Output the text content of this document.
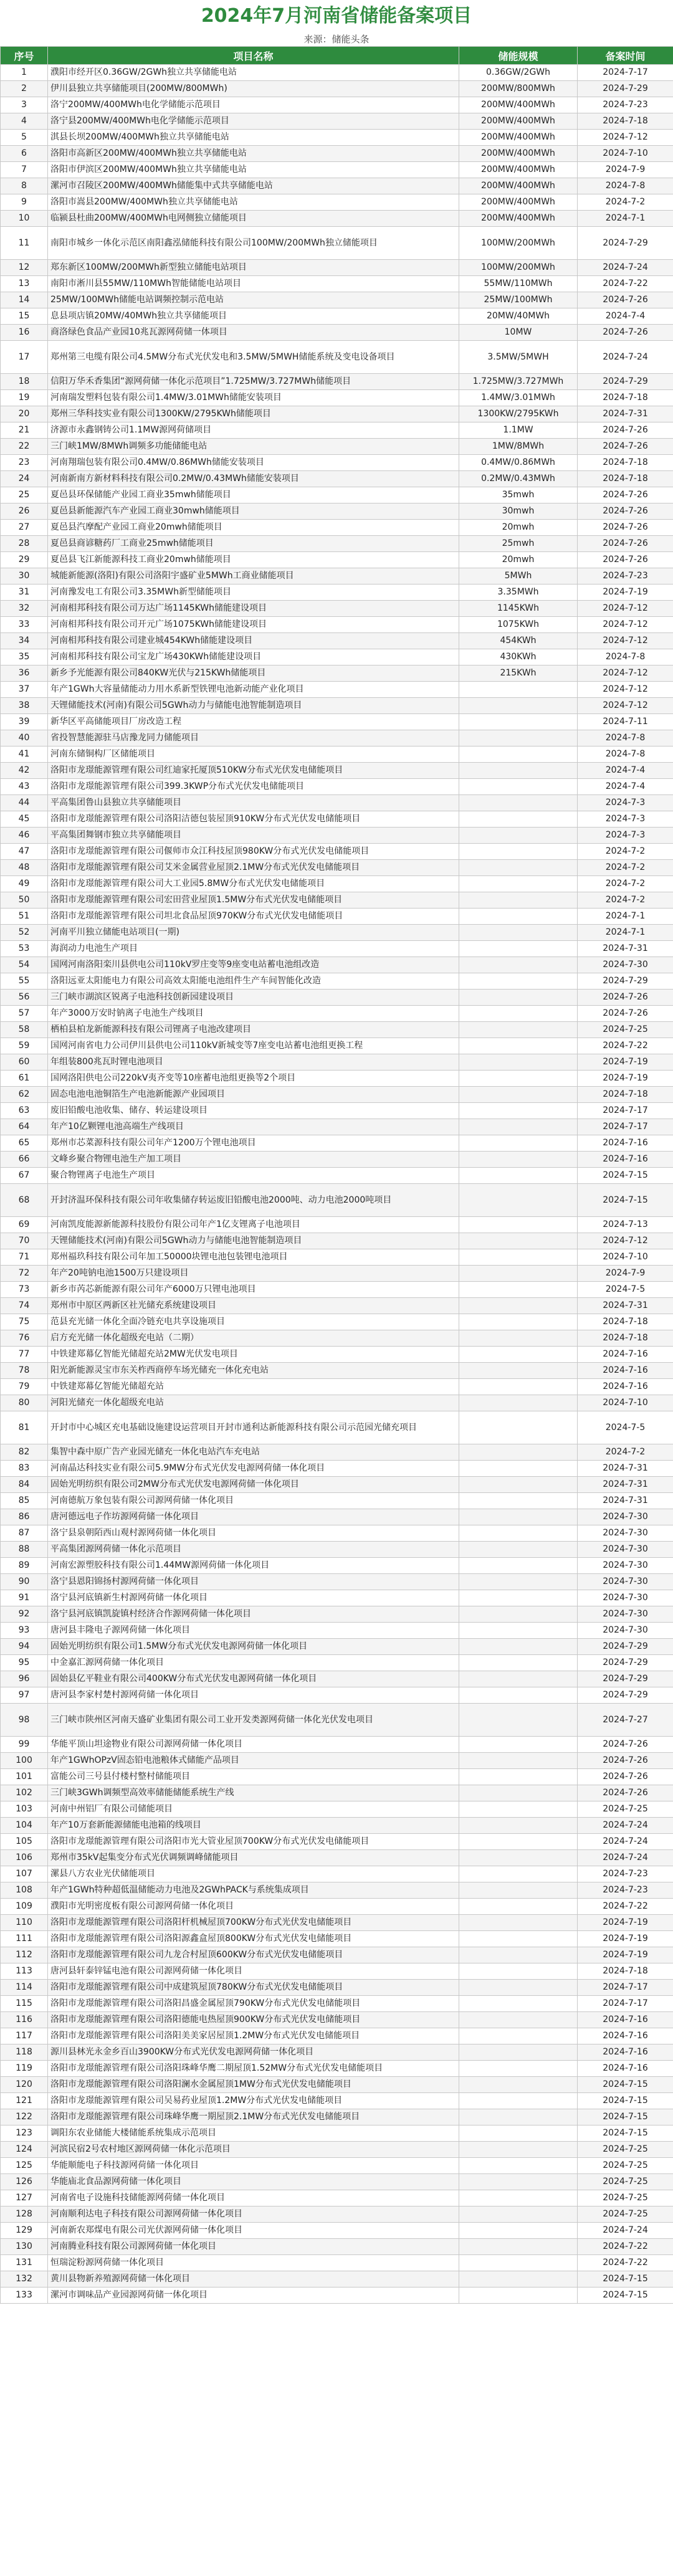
2024年7月河南省储能备案项目
来源：储能头条
序号	项目名称	储能规模	备案时间
1	濮阳市经开区0.36GW/2GWh独立共享储能电站	0.36GW/2GWh	2024-7-17
2	伊川县独立共享储能项目(200MW/800MWh)	200MW/800MWh	2024-7-29
3	洛宁200MW/400MWh电化学储能示范项目	200MW/400MWh	2024-7-23
4	洛宁县200MW/400MWh电化学储能示范项目	200MW/400MWh	2024-7-18
5	淇县长坝200MW/400MWh独立共享储能电站	200MW/400MWh	2024-7-12
6	洛阳市高新区200MW/400MWh独立共享储能电站	200MW/400MWh	2024-7-10
7	洛阳市伊滨区200MW/400MWh独立共享储能电站	200MW/400MWh	2024-7-9
8	漯河市召陵区200MW/400MWh储能集中式共享储能电站	200MW/400MWh	2024-7-8
9	洛阳市嵩县200MW/400MWh独立共享储能电站	200MW/400MWh	2024-7-2
10	临颍县杜曲200MW/400MWh电网侧独立储能项目	200MW/400MWh	2024-7-1
11	南阳市城乡一体化示范区南阳鑫泓储能科技有限公司100MW/200MWh独立储能项目	100MW/200MWh	2024-7-29
12	郑东新区100MW/200MWh新型独立储能电站项目	100MW/200MWh	2024-7-24
13	南阳市淅川县55MW/110MWh智能储能电站项目	55MW/110MWh	2024-7-22
14	25MW/100MWh储能电站调频控制示范电站	25MW/100MWh	2024-7-26
15	息县项店镇20MW/40MWh独立共享储能项目	20MW/40MWh	2024-7-4
16	商洛绿色食品产业园10兆瓦源网荷储一体项目	10MW	2024-7-26
17	郑州第三电缆有限公司4.5MW分布式光伏发电和3.5MW/5MWH储能系统及变电设备项目	3.5MW/5MWH	2024-7-24
18	信阳万华禾香集团“源网荷储一体化示范项目”1.725MW/3.727MWh储能项目	1.725MW/3.727MWh	2024-7-29
19	河南瑞发塑料包装有限公司1.4MW/3.01MWh储能安装项目	1.4MW/3.01MWh	2024-7-18
20	郑州三华科技实业有限公司1300KW/2795KWh储能项目	1300KW/2795KWh	2024-7-31
21	济源市永鑫钢铸公司1.1MW源网荷储项目	1.1MW	2024-7-26
22	三门峡1MW/8MWh调频多功能储能电站	1MW/8MWh	2024-7-26
23	河南翔瑞包装有限公司0.4MW/0.86MWh储能安装项目	0.4MW/0.86MWh	2024-7-18
24	河南新南方新材料科技有限公司0.2MW/0.43MWh储能安装项目	0.2MW/0.43MWh	2024-7-18
25	夏邑县环保储能产业园工商业35mwh储能项目	35mwh	2024-7-26
26	夏邑县新能源汽车产业园工商业30mwh储能项目	30mwh	2024-7-26
27	夏邑县汽摩配产业园工商业20mwh储能项目	20mwh	2024-7-26
28	夏邑县商谚糖药厂工商业25mwh储能项目	25mwh	2024-7-26
29	夏邑县飞江新能源科技工商业20mwh储能项目	20mwh	2024-7-26
30	城能新能源(洛阳)有限公司洛阳宇盛矿业5MWh工商业储能项目	5MWh	2024-7-23
31	河南豫发电工有限公司3.35MWh新型储能项目	3.35MWh	2024-7-19
32	河南相邦科技有限公司万达广场1145KWh储能建设项目	1145KWh	2024-7-12
33	河南相邦科技有限公司开元广场1075KWh储能建设项目	1075KWh	2024-7-12
34	河南相邦科技有限公司建业城454KWh储能建设项目	454KWh	2024-7-12
35	河南相邦科技有限公司宝龙广场430KWh储能建设项目	430KWh	2024-7-8
36	新乡予光能源有限公司840KW光伏与215KWh储能项目	215KWh	2024-7-12
37	年产1GWh大容量储能动力用水系新型铁锂电池新动能产业化项目		2024-7-12
38	天锂储能技术(河南)有限公司5GWh动力与储能电池智能制造项目		2024-7-12
39	新华区平高储能项目厂房改造工程		2024-7-11
40	省投智慧能源驻马店豫龙同力储能项目		2024-7-8
41	河南东储铜构厂区储能项目		2024-7-8
42	洛阳市龙璟能源管理有限公司红迪家托厦顶510KW分布式光伏发电储能项目		2024-7-4
43	洛阳市龙璟能源管理有限公司399.3KWP分布式光伏发电储能项目		2024-7-4
44	平高集团鲁山县独立共享储能项目		2024-7-3
45	洛阳市龙璟能源管理有限公司洛阳洁德包装屋顶910KW分布式光伏发电储能项目		2024-7-3
46	平高集团舞钢市独立共享储能项目		2024-7-3
47	洛阳市龙璟能源管理有限公司偃师市众江科技屋顶980KW分布式光伏发电储能项目		2024-7-2
48	洛阳市龙璟能源管理有限公司艾米金属营业屋顶2.1MW分布式光伏发电储能项目		2024-7-2
49	洛阳市龙璟能源管理有限公司大工业园5.8MW分布式光伏发电储能项目		2024-7-2
50	洛阳市龙璟能源管理有限公司宏田营业屋顶1.5MW分布式光伏发电储能项目		2024-7-2
51	洛阳市龙璟能源管理有限公司坦北食品屋顶970KW分布式光伏发电储能项目		2024-7-1
52	河南平川独立储能电站项目(一期)		2024-7-1
53	海润动力电池生产项目		2024-7-31
54	国网河南洛阳栾川县供电公司110kV罗庄变等9座变电站蓄电池组改造		2024-7-30
55	洛阳远亚太阳能电力有限公司高效太阳能电池组件生产车间智能化改造		2024-7-29
56	三门峡市湖滨区锐离子电池科技创新园建设项目		2024-7-26
57	年产3000万安时钠离子电池生产线项目		2024-7-26
58	栖柏县柏龙新能源科技有限公司锂离子电池改建项目		2024-7-25
59	国网河南省电力公司伊川县供电公司110kV新城变等7座变电站蓄电池组更换工程		2024-7-22
60	年组装800兆瓦时锂电池项目		2024-7-19
61	国网洛阳供电公司220kV夷齐变等10座蓄电池组更换等2个项目		2024-7-19
62	固态电池电池铜箔生产电池新能源产业园项目		2024-7-18
63	废旧铅酸电池收集、储存、转运建设项目		2024-7-17
64	年产10亿颗锂电池高端生产线项目		2024-7-17
65	郑州市芯菜源科技有限公司年产1200万个锂电池项目		2024-7-16
66	文峰乡聚合物锂电池生产加工项目		2024-7-16
67	聚合物锂离子电池生产项目		2024-7-15
68	开封济温环保科技有限公司年收集储存转运废旧铅酸电池2000吨、动力电池2000吨项目		2024-7-15
69	河南凯度能源新能源科技股份有限公司年产1亿支锂离子电池项目		2024-7-13
70	天锂储能技术(河南)有限公司5GWh动力与储能电池智能制造项目		2024-7-12
71	郑州福玖科技有限公司年加工50000块锂电池包装锂电池项目		2024-7-10
72	年产20吨钠电池1500万只建设项目		2024-7-9
73	新乡市芮芯新能源有限公司年产6000万只锂电池项目		2024-7-5
74	郑州市中原区两新区社光储充系统建设项目		2024-7-31
75	范县充光储一体化全面冷链充电共享设施项目		2024-7-18
76	启方充光储一体化超级充电站（二期）		2024-7-18
77	中铁建郑幕亿智能光储超充站2MW光伏发电项目		2024-7-16
78	阳光新能源灵宝市东关柞西商停车场光储充一体化充电站		2024-7-16
79	中铁建郑幕亿智能光储超充站		2024-7-16
80	河阳光储充一体化超级充电站		2024-7-10
81	开封市中心城区充电基础设施建设运营项目开封市通利达新能源科技有限公司示范园光储充项目		2024-7-5
82	集智中森中原广告产业园光储充一体化电站汽车充电站		2024-7-2
83	河南晶达科技实业有限公司5.9MW分布式光伏发电源网荷储一体化项目		2024-7-31
84	固始光明纺织有限公司2MW分布式光伏发电源网荷储一体化项目		2024-7-31
85	河南德航万象包装有限公司源网荷储一体化项目		2024-7-31
86	唐河德远电子作坊源网荷储一体化项目		2024-7-30
87	洛宁县泉朝陌西山观村源网荷储一体化项目		2024-7-30
88	平高集团源网荷储一体化示范项目		2024-7-30
89	河南宏源塑胶科技有限公司1.44MW源网荷储一体化项目		2024-7-30
90	洛宁县恩阳锦扬村源网荷储一体化项目		2024-7-30
91	洛宁县河底镇新生村源网荷储一体化项目		2024-7-30
92	洛宁县河底镇凯旋镇村经济合作源网荷储一体化项目		2024-7-30
93	唐河县丰隆电子源网荷储一体化项目		2024-7-30
94	固始光明纺织有限公司1.5MW分布式光伏发电源网荷储一体化项目		2024-7-29
95	中金嘉汇源网荷储一体化项目		2024-7-29
96	固始县亿平鞋业有限公司400KW分布式光伏发电源网荷储一体化项目		2024-7-29
97	唐河县李家村楚村源网荷储一体化项目		2024-7-29
98	三门峡市陕州区河南天盛矿业集团有限公司工业开发类源网荷储一体化光伏发电项目		2024-7-27
99	华能平顶山坦途物业有限公司源网荷储一体化项目		2024-7-26
100	年产1GWhOPzV固态铅电池粮体式储能产品项目		2024-7-26
101	富能公司三号县付楼村整村储能项目		2024-7-26
102	三门峡3GWh调频型高效率储能储能系统生产线		2024-7-26
103	河南中州铝厂有限公司储能项目		2024-7-25
104	年产10万套新能源储能电池箱的线项目		2024-7-24
105	洛阳市龙璟能源管理有限公司洛阳市光大管业屋顶700KW分布式光伏发电储能项目		2024-7-24
106	郑州市35kV起集变分布式光伏调频调峰储能项目		2024-7-24
107	漯县八方农业光伏储能项目		2024-7-23
108	年产1GWh特种超低温储能动力电池及2GWhPACK与系统集成项目		2024-7-23
109	濮阳市光明密度板有限公司源网荷储一体化项目		2024-7-22
110	洛阳市龙璟能源管理有限公司洛阳杆机械屋顶700KW分布式光伏发电储能项目		2024-7-19
111	洛阳市龙璟能源管理有限公司洛阳源鑫盒屋顶800KW分布式光伏发电储能项目		2024-7-19
112	洛阳市龙璟能源管理有限公司九龙合村屋顶600KW分布式光伏发电储能项目		2024-7-19
113	唐河县轩泰锌锰电池有限公司源网荷储一体化项目		2024-7-18
114	洛阳市龙璟能源管理有限公司中成建筑屋顶780KW分布式光伏发电储能项目		2024-7-17
115	洛阳市龙璟能源管理有限公司洛阳昌盛金属屋顶790KW分布式光伏发电储能项目		2024-7-17
116	洛阳市龙璟能源管理有限公司洛阳德能电热屋顶900KW分布式光伏发电储能项目		2024-7-16
117	洛阳市龙璟能源管理有限公司洛阳美美家居屋顶1.2MW分布式光伏发电储能项目		2024-7-16
118	源川县林光永金乡百山3900KW分布式光伏发电源网荷储一体化项目		2024-7-16
119	洛阳市龙璟能源管理有限公司洛阳珠峰华鹰二期屋顶1.52MW分布式光伏发电储能项目		2024-7-16
120	洛阳市龙璟能源管理有限公司洛阳澜水金属屋顶1MW分布式光伏发电储能项目		2024-7-15
121	洛阳市龙璟能源管理有限公司吴易药业屋顶1.2MW分布式光伏发电储能项目		2024-7-15
122	洛阳市龙璟能源管理有限公司珠峰华鹰一期屋顶2.1MW分布式光伏发电储能项目		2024-7-15
123	调阳东农业储能大楼储能系统集成示范项目		2024-7-15
124	河滨民宿2号农村地区源网荷储一体化示范项目		2024-7-25
125	华能顺能电子科技源网荷储一体化项目		2024-7-25
126	华能庙北食品源网荷储一体化项目		2024-7-25
127	河南省电子设施科技储能源网荷储一体化项目		2024-7-25
128	河南顺利达电子科技有限公司源网荷储一体化项目		2024-7-25
129	河南新农郑煤电有限公司光伏源网荷储一体化项目		2024-7-24
130	河南腾业科技有限公司源网荷储一体化项目		2024-7-22
131	恒瑞淀粉源网荷储一体化项目		2024-7-22
132	黄川县物新养殖源网荷储一体化项目		2024-7-15
133	漯河市调味品产业园源网荷储一体化项目		2024-7-15
